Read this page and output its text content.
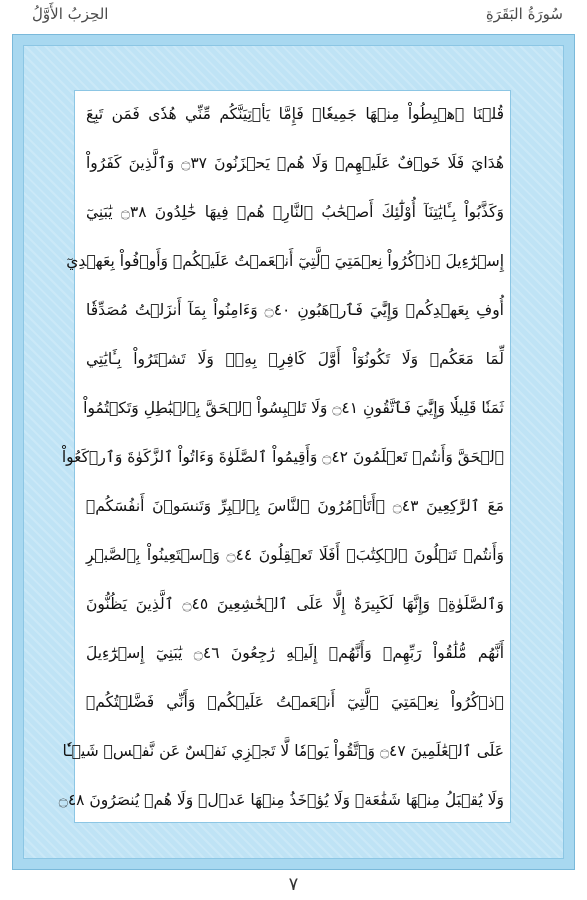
الحِزبُ الأَوَّلُ	سُورَةُ البَقَرَةِ
قُلۡنَا ٱهۡبِطُواْ مِنۡهَا جَمِيعٗاۖ فَإِمَّا يَأۡتِيَنَّكُم مِّنِّي هُدٗى فَمَن تَبِعَ
هُدَايَ فَلَا خَوۡفٌ عَلَيۡهِمۡ وَلَا هُمۡ يَحۡزَنُونَ ۝٣٧ وَٱلَّذِينَ كَفَرُواْ
وَكَذَّبُواْ بِـَٔايَٰتِنَآ أُوْلَٰٓئِكَ أَصۡحَٰبُ ٱلنَّارِۖ هُمۡ فِيهَا خَٰلِدُونَ ۝٣٨ يَٰبَنِيٓ
إِسۡرَٰٓءِيلَ ٱذۡكُرُواْ نِعۡمَتِيَ ٱلَّتِيٓ أَنۡعَمۡتُ عَلَيۡكُمۡ وَأَوۡفُواْ بِعَهۡدِيٓ
أُوفِ بِعَهۡدِكُمۡ وَإِيَّٰيَ فَٱرۡهَبُونِ ۝٤٠ وَءَامِنُواْ بِمَآ أَنزَلۡتُ مُصَدِّقٗا
لِّمَا مَعَكُمۡ وَلَا تَكُونُوٓاْ أَوَّلَ كَافِرِۢ بِهِۦۖ وَلَا تَشۡتَرُواْ بِـَٔايَٰتِي
ثَمَنٗا قَلِيلٗا وَإِيَّٰيَ فَٱتَّقُونِ ۝٤١ وَلَا تَلۡبِسُواْ ٱلۡحَقَّ بِٱلۡبَٰطِلِ وَتَكۡتُمُواْ
ٱلۡحَقَّ وَأَنتُمۡ تَعۡلَمُونَ ۝٤٢ وَأَقِيمُواْ ٱلصَّلَوٰةَ وَءَاتُواْ ٱلزَّكَوٰةَ وَٱرۡكَعُواْ
مَعَ ٱلرَّٰكِعِينَ ۝٤٣ ۞أَتَأۡمُرُونَ ٱلنَّاسَ بِٱلۡبِرِّ وَتَنسَوۡنَ أَنفُسَكُمۡ
وَأَنتُمۡ تَتۡلُونَ ٱلۡكِتَٰبَۚ أَفَلَا تَعۡقِلُونَ ۝٤٤ وَٱسۡتَعِينُواْ بِٱلصَّبۡرِ
وَٱلصَّلَوٰةِۚ وَإِنَّهَا لَكَبِيرَةٌ إِلَّا عَلَى ٱلۡخَٰشِعِينَ ۝٤٥ ٱلَّذِينَ يَظُنُّونَ
أَنَّهُم مُّلَٰقُواْ رَبِّهِمۡ وَأَنَّهُمۡ إِلَيۡهِ رَٰجِعُونَ ۝٤٦ يَٰبَنِيٓ إِسۡرَٰٓءِيلَ
ٱذۡكُرُواْ نِعۡمَتِيَ ٱلَّتِيٓ أَنۡعَمۡتُ عَلَيۡكُمۡ وَأَنِّي فَضَّلۡتُكُمۡ
عَلَى ٱلۡعَٰلَمِينَ ۝٤٧ وَٱتَّقُواْ يَوۡمٗا لَّا تَجۡزِي نَفۡسٌ عَن نَّفۡسٖ شَيۡـٔٗا
وَلَا يُقۡبَلُ مِنۡهَا شَفَٰعَةٞ وَلَا يُؤۡخَذُ مِنۡهَا عَدۡلٞ وَلَا هُمۡ يُنصَرُونَ ۝٤٨
٧
